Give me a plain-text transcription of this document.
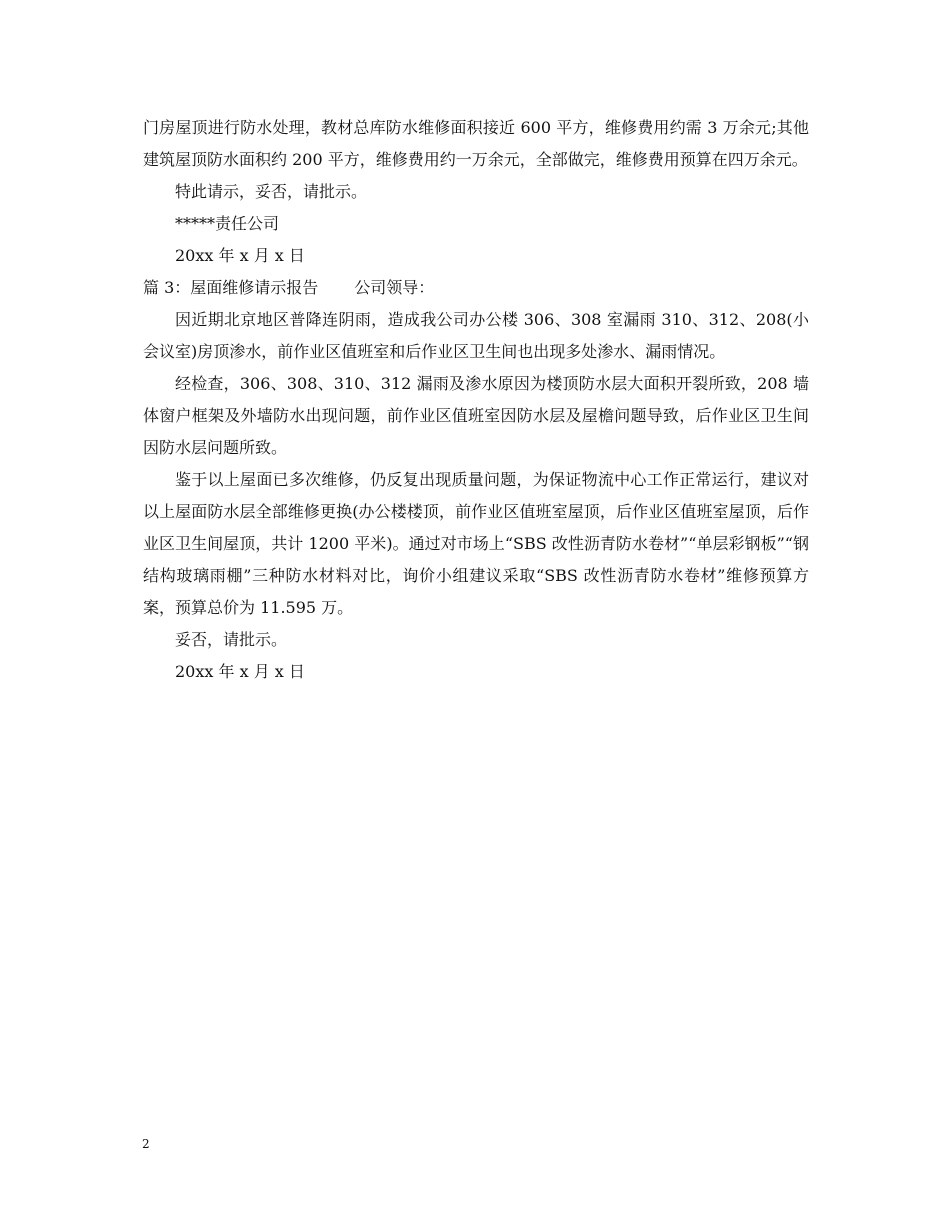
门房屋顶进行防水处理，教材总库防水维修面积接近 600 平方，维修费用约需 3 万余元;其他建筑屋顶防水面积约 200 平方，维修费用约一万余元，全部做完，维修费用预算在四万余元。

特此请示，妥否，请批示。

*****责任公司

20xx 年 x 月 x 日

篇 3：屋面维修请示报告 公司领导：

因近期北京地区普降连阴雨，造成我公司办公楼 306、308 室漏雨 310、312、208(小会议室)房顶渗水，前作业区值班室和后作业区卫生间也出现多处渗水、漏雨情况。

经检查，306、308、310、312 漏雨及渗水原因为楼顶防水层大面积开裂所致，208 墙体窗户框架及外墙防水出现问题，前作业区值班室因防水层及屋檐问题导致，后作业区卫生间因防水层问题所致。

鉴于以上屋面已多次维修，仍反复出现质量问题，为保证物流中心工作正常运行，建议对以上屋面防水层全部维修更换(办公楼楼顶，前作业区值班室屋顶，后作业区值班室屋顶，后作业区卫生间屋顶，共计 1200 平米)。通过对市场上“SBS 改性沥青防水卷材”“单层彩钢板”“钢结构玻璃雨棚”三种防水材料对比，询价小组建议采取“SBS 改性沥青防水卷材”维修预算方案，预算总价为 11.595 万。

妥否，请批示。

20xx 年 x 月 x 日

2
